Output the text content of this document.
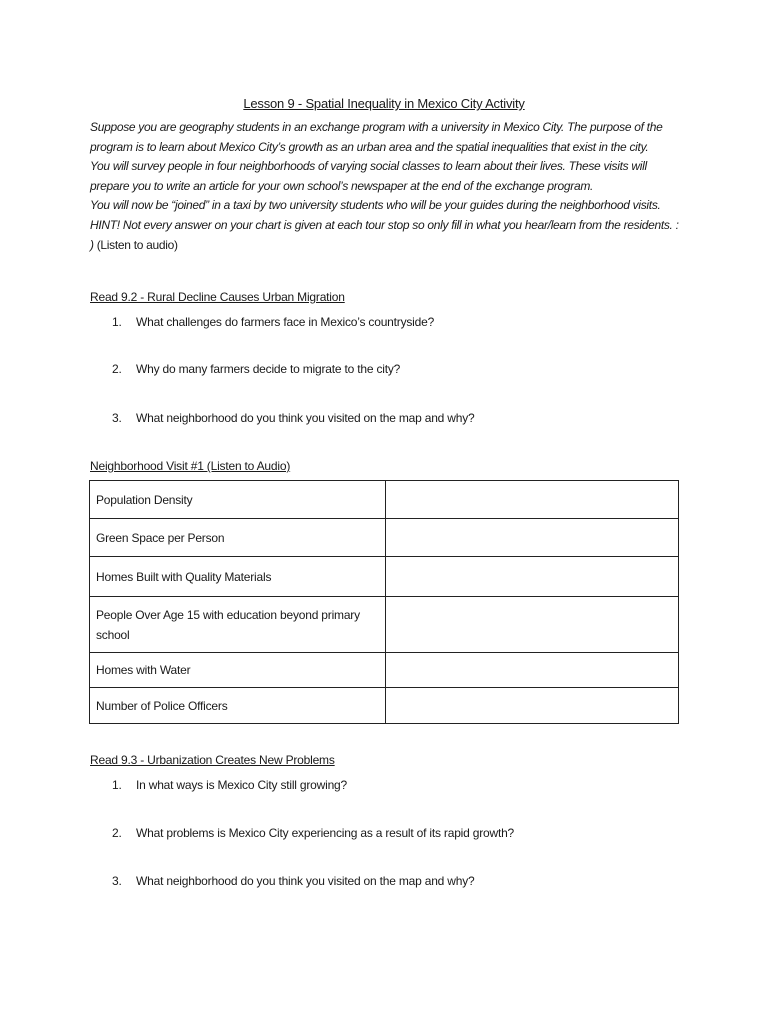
Lesson 9 - Spatial Inequality in Mexico City Activity
Suppose you are geography students in an exchange program with a university in Mexico City. The purpose of the
program is to learn about Mexico City’s growth as an urban area and the spatial inequalities that exist in the city.
You will survey people in four neighborhoods of varying social classes to learn about their lives. These visits will
prepare you to write an article for your own school’s newspaper at the end of the exchange program.
You will now be “joined” in a taxi by two university students who will be your guides during the neighborhood visits.
HINT! Not every answer on your chart is given at each tour stop so only fill in what you hear/learn from the residents. :
) (Listen to audio)
Read 9.2 - Rural Decline Causes Urban Migration
1. What challenges do farmers face in Mexico’s countryside?
2. Why do many farmers decide to migrate to the city?
3. What neighborhood do you think you visited on the map and why?
Neighborhood Visit #1 (Listen to Audio)
Population Density	
Green Space per Person	
Homes Built with Quality Materials	
People Over Age 15 with education beyond primary school	
Homes with Water	
Number of Police Officers	
Read 9.3 - Urbanization Creates New Problems
1. In what ways is Mexico City still growing?
2. What problems is Mexico City experiencing as a result of its rapid growth?
3. What neighborhood do you think you visited on the map and why?
